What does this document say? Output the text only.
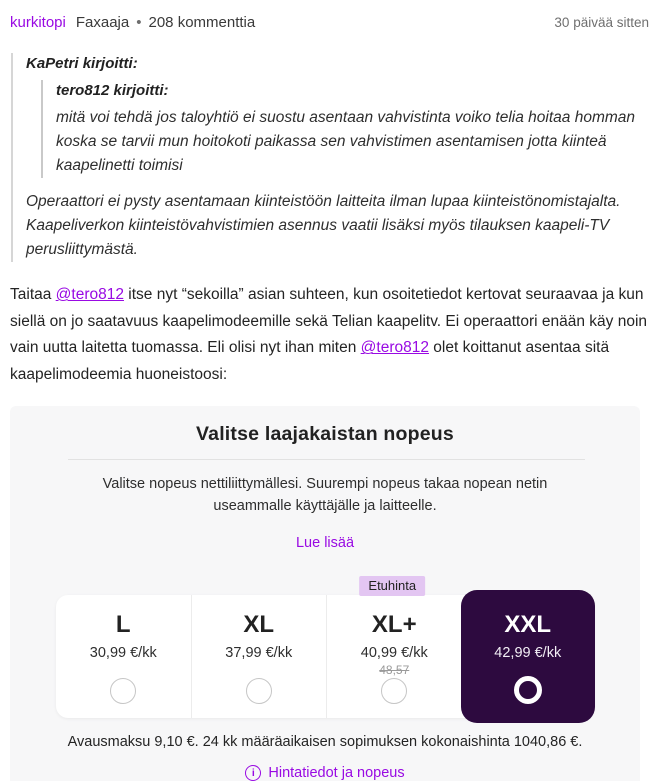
kurkitopi Faxaaja • 208 kommenttia	30 päivää sitten
KaPetri kirjoitti:
tero812 kirjoitti:
mitä voi tehdä jos taloyhtiö ei suostu asentaan vahvistinta voiko telia hoitaa homman koska se tarvii mun hoitokoti paikassa sen vahvistimen asentamisen jotta kiinteä kaapelinetti toimisi
Operaattori ei pysty asentamaan kiinteistöön laitteita ilman lupaa kiinteistönomistajalta. Kaapeliverkon kiinteistövahvistimien asennus vaatii lisäksi myös tilauksen kaapeli-TV perusliittymästä.

Taitaa @tero812 itse nyt “sekoilla” asian suhteen, kun osoitetiedot kertovat seuraavaa ja kun siellä on jo saatavuus kaapelimodeemille sekä Telian kaapelitv. Ei operaattori enään käy noin vain uutta laitetta tuomassa. Eli olisi nyt ihan miten @tero812 olet koittanut asentaa sitä kaapelimodeemia huoneistoosi:

Valitse laajakaistan nopeus
Valitse nopeus nettiliittymällesi. Suurempi nopeus takaa nopean netin useammalle käyttäjälle ja laitteelle.
Lue lisää
Etuhinta
L
30,99 €/kk
XL
37,99 €/kk
XL+
40,99 €/kk
48,57
XXL
42,99 €/kk
Avausmaksu 9,10 €. 24 kk määräaikaisen sopimuksen kokonaishinta 1040,86 €.
i Hintatiedot ja nopeus
